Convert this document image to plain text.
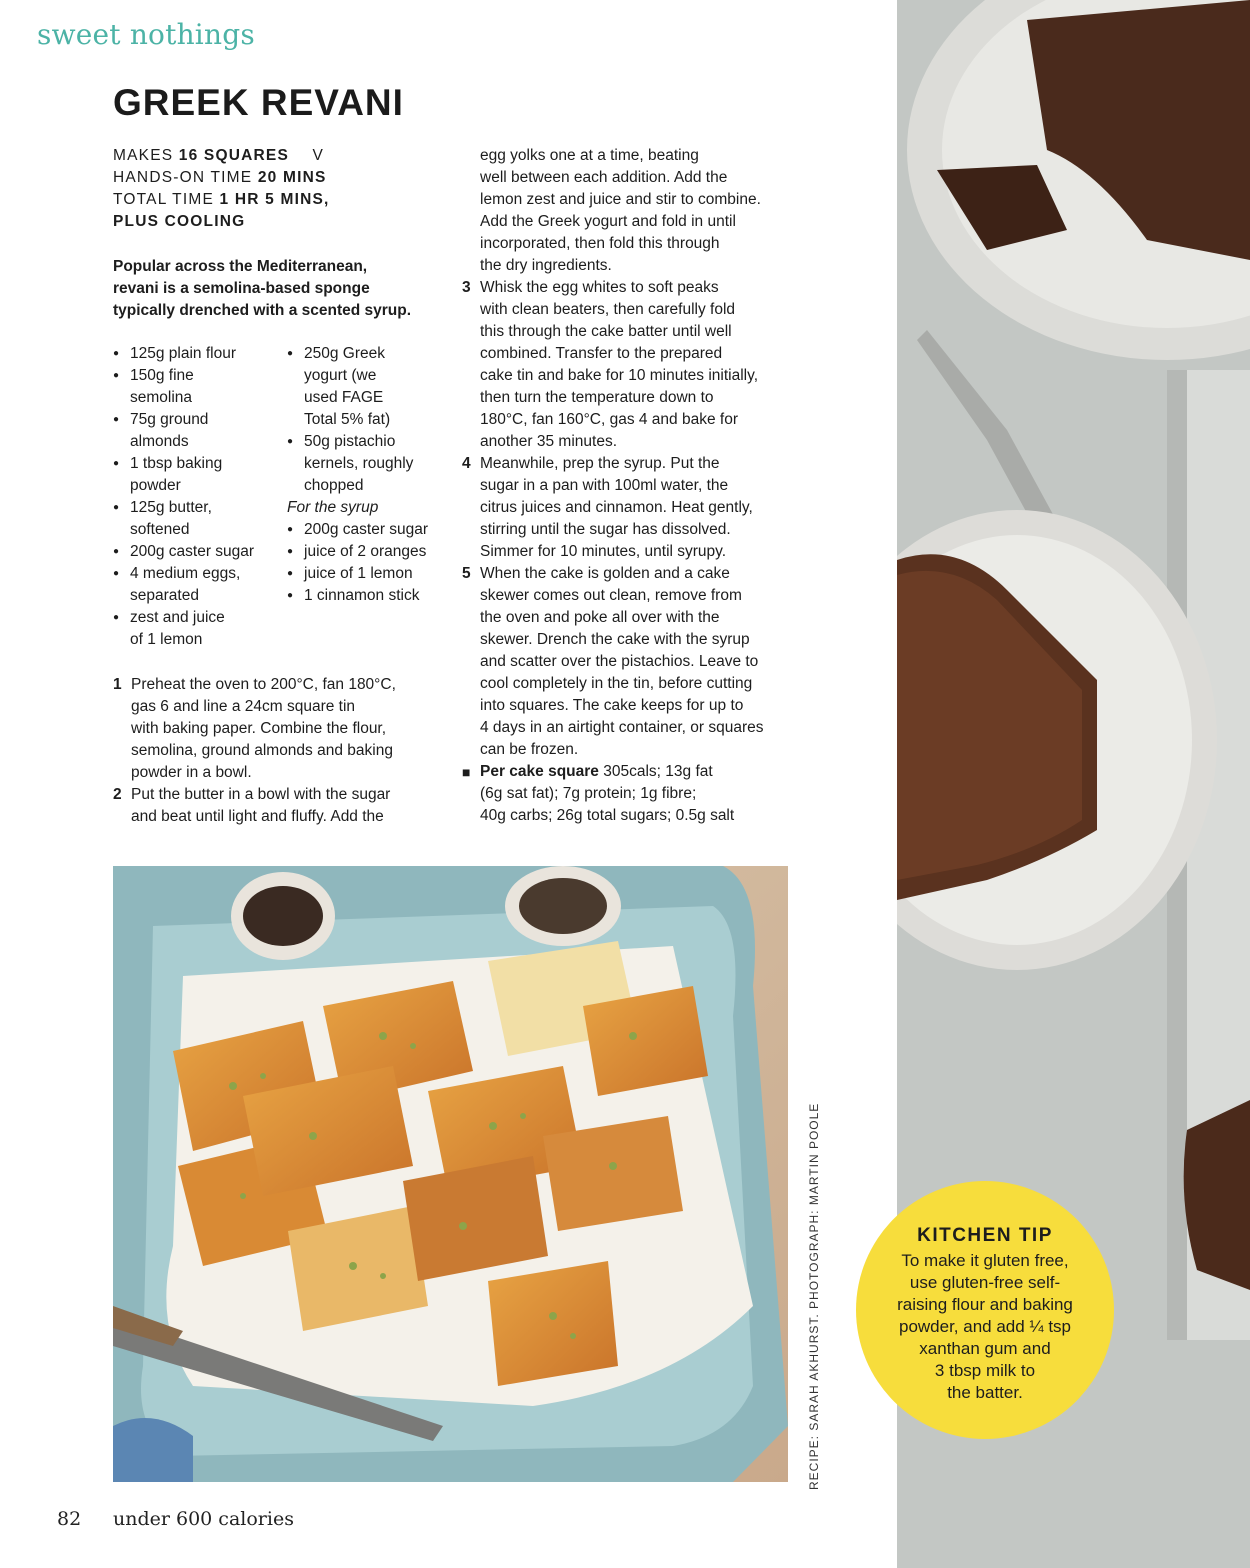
sweet nothings
GREEK REVANI
MAKES 16 SQUARES V
HANDS-ON TIME 20 MINS
TOTAL TIME 1 HR 5 MINS,
PLUS COOLING
Popular across the Mediterranean,
revani is a semolina-based sponge
typically drenched with a scented syrup.
● 125g plain flour
● 150g fine
semolina
● 75g ground
almonds
● 1 tbsp baking
powder
● 125g butter,
softened
● 200g caster sugar
● 4 medium eggs,
separated
● zest and juice
of 1 lemon
● 250g Greek
yogurt (we
used FAGE
Total 5% fat)
● 50g pistachio
kernels, roughly
chopped
For the syrup
● 200g caster sugar
● juice of 2 oranges
● juice of 1 lemon
● 1 cinnamon stick
1 Preheat the oven to 200°C, fan 180°C,
gas 6 and line a 24cm square tin
with baking paper. Combine the flour,
semolina, ground almonds and baking
powder in a bowl.
2 Put the butter in a bowl with the sugar
and beat until light and fluffy. Add the
egg yolks one at a time, beating
well between each addition. Add the
lemon zest and juice and stir to combine.
Add the Greek yogurt and fold in until
incorporated, then fold this through
the dry ingredients.
3 Whisk the egg whites to soft peaks
with clean beaters, then carefully fold
this through the cake batter until well
combined. Transfer to the prepared
cake tin and bake for 10 minutes initially,
then turn the temperature down to
180°C, fan 160°C, gas 4 and bake for
another 35 minutes.
4 Meanwhile, prep the syrup. Put the
sugar in a pan with 100ml water, the
citrus juices and cinnamon. Heat gently,
stirring until the sugar has dissolved.
Simmer for 10 minutes, until syrupy.
5 When the cake is golden and a cake
skewer comes out clean, remove from
the oven and poke all over with the
skewer. Drench the cake with the syrup
and scatter over the pistachios. Leave to
cool completely in the tin, before cutting
into squares. The cake keeps for up to
4 days in an airtight container, or squares
can be frozen.
■ Per cake square 305cals; 13g fat
(6g sat fat); 7g protein; 1g fibre;
40g carbs; 26g total sugars; 0.5g salt
RECIPE: SARAH AKHURST. PHOTOGRAPH: MARTIN POOLE	KITCHEN TIP
To make it gluten free,
use gluten-free self-
raising flour and baking
powder, and add ¼ tsp
xanthan gum and
3 tbsp milk to
the batter.
82 under 600 calories
